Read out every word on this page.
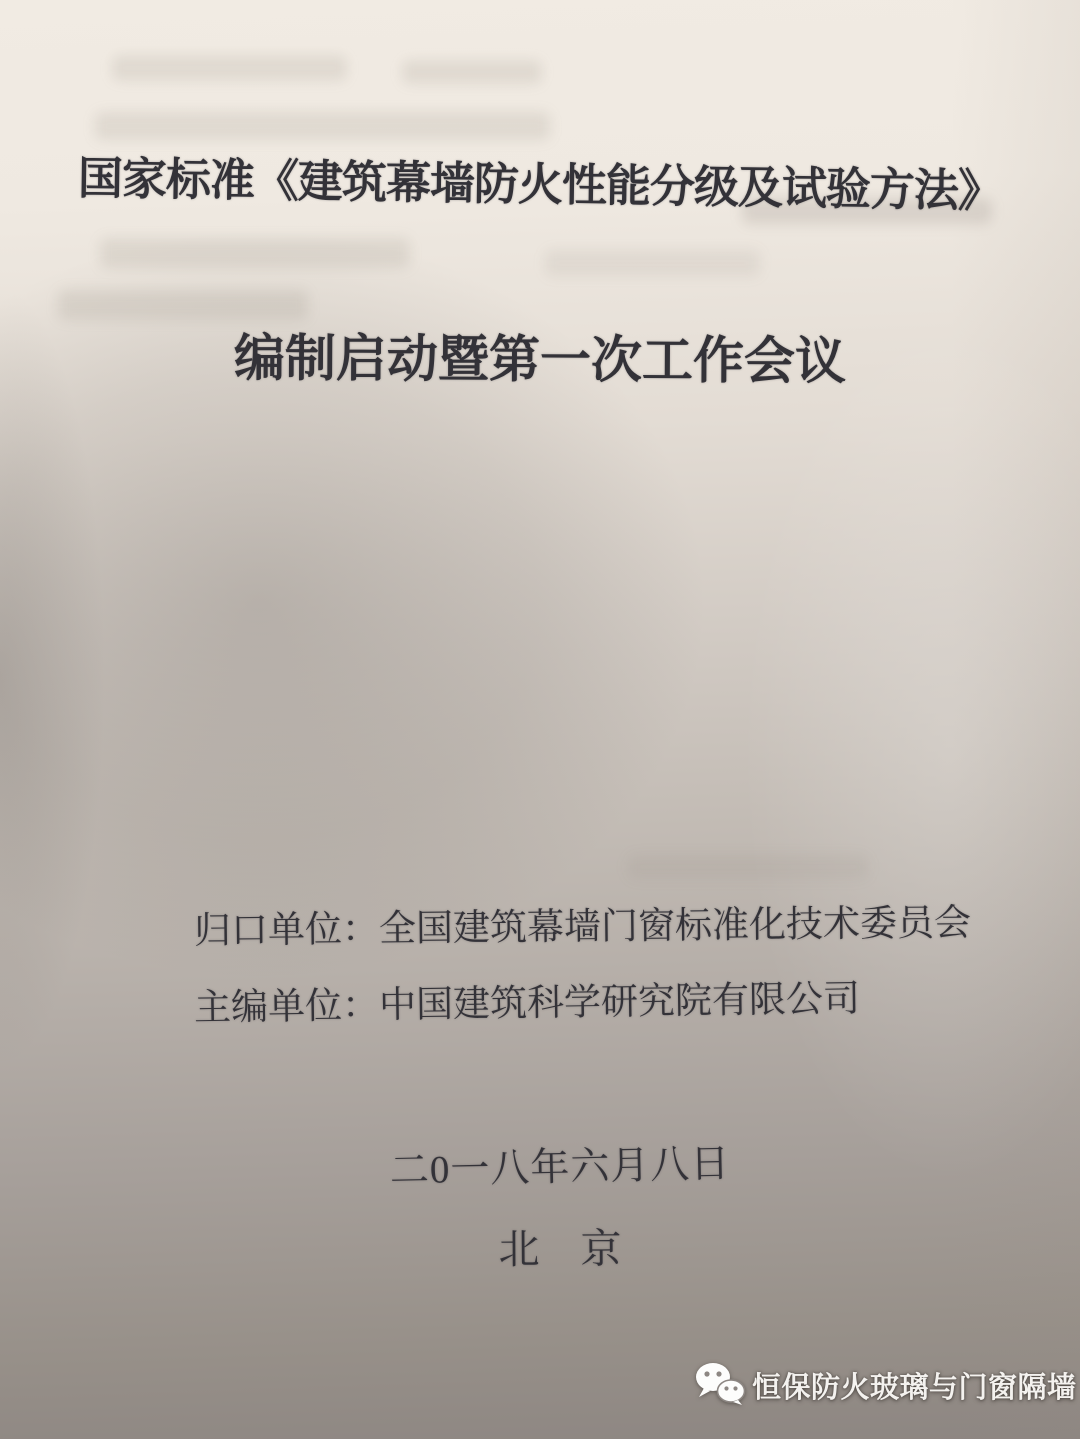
国家标准《建筑幕墙防火性能分级及试验方法》
编制启动暨第一次工作会议
归口单位：全国建筑幕墙门窗标准化技术委员会
主编单位：中国建筑科学研究院有限公司
二0一八年六月八日
北　京
恒保防火玻璃与门窗隔墙
